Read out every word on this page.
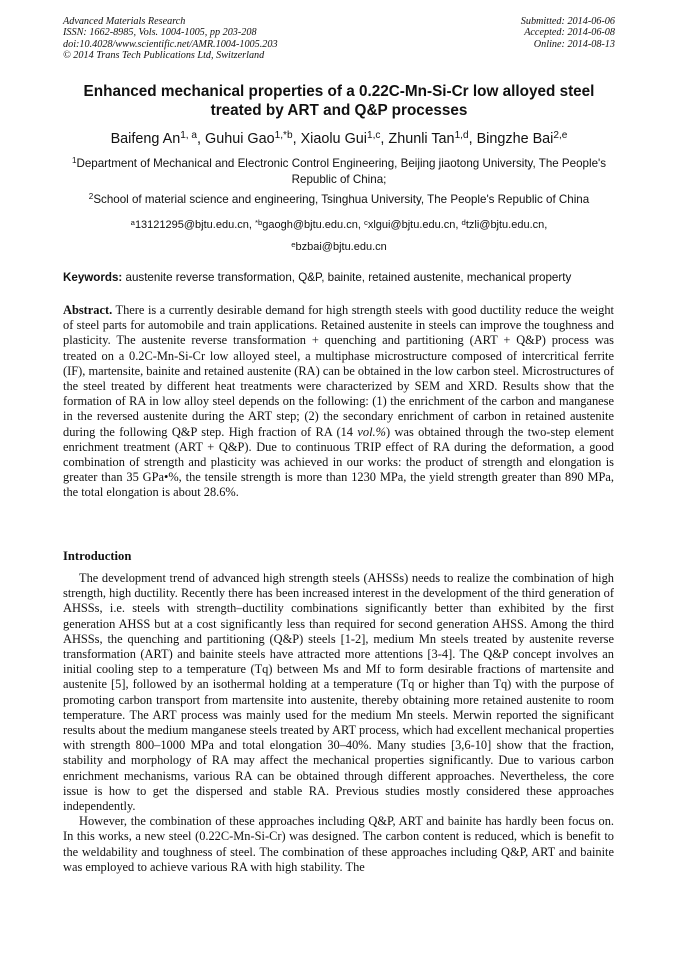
Advanced Materials Research
ISSN: 1662-8985, Vols. 1004-1005, pp 203-208
doi:10.4028/www.scientific.net/AMR.1004-1005.203
© 2014 Trans Tech Publications Ltd, Switzerland
Submitted: 2014-06-06
Accepted: 2014-06-08
Online: 2014-08-13
Enhanced mechanical properties of a 0.22C-Mn-Si-Cr low alloyed steel
treated by ART and Q&P processes
Baifeng An$^{1, a}$, Guhui Gao$^{1,*b}$, Xiaolu Gui$^{1,c}$, Zhunli Tan$^{1,d}$, Bingzhe Bai$^{2,e}$
$^1$Department of Mechanical and Electronic Control Engineering, Beijing jiaotong University, The People's Republic of China;
$^2$School of material science and engineering, Tsinghua University, The People's Republic of China
$^a$13121295@bjtu.edu.cn, $^{*b}$gaogh@bjtu.edu.cn, $^c$xlgui@bjtu.edu.cn, $^d$tzli@bjtu.edu.cn,
$^e$bzbai@bjtu.edu.cn
Keywords: austenite reverse transformation, Q&P, bainite, retained austenite, mechanical property
Abstract. There is a currently desirable demand for high strength steels with good ductility reduce the weight of steel parts for automobile and train applications. Retained austenite in steels can improve the toughness and plasticity. The austenite reverse transformation + quenching and partitioning (ART + Q&P) process was treated on a 0.2C-Mn-Si-Cr low alloyed steel, a multiphase microstructure composed of intercritical ferrite (IF), martensite, bainite and retained austenite (RA) can be obtained in the low carbon steel. Microstructures of the steel treated by different heat treatments were characterized by SEM and XRD. Results show that the formation of RA in low alloy steel depends on the following: (1) the enrichment of the carbon and manganese in the reversed austenite during the ART step; (2) the secondary enrichment of carbon in retained austenite during the following Q&P step. High fraction of RA (14 vol.%) was obtained through the two-step element enrichment treatment (ART + Q&P). Due to continuous TRIP effect of RA during the deformation, a good combination of strength and plasticity was achieved in our works: the product of strength and elongation is greater than 35 GPa•%, the tensile strength is more than 1230 MPa, the yield strength greater than 890 MPa, the total elongation is about 28.6%.
Introduction

The development trend of advanced high strength steels (AHSSs) needs to realize the combination of high strength, high ductility. Recently there has been increased interest in the development of the third generation of AHSSs, i.e. steels with strength–ductility combinations significantly better than exhibited by the first generation AHSS but at a cost significantly less than required for second generation AHSS. Among the third AHSSs, the quenching and partitioning (Q&P) steels [1-2], medium Mn steels treated by austenite reverse transformation (ART) and bainite steels have attracted more attentions [3-4]. The Q&P concept involves an initial cooling step to a temperature (Tq) between Ms and Mf to form desirable fractions of martensite and austenite [5], followed by an isothermal holding at a temperature (Tq or higher than Tq) with the purpose of promoting carbon transport from martensite into austenite, thereby obtaining more retained austenite to room temperature. The ART process was mainly used for the medium Mn steels. Merwin reported the significant results about the medium manganese steels treated by ART process, which had excellent mechanical properties with strength 800–1000 MPa and total elongation 30–40%. Many studies [3,6-10] show that the fraction, stability and morphology of RA may affect the mechanical properties significantly. Due to various carbon enrichment mechanisms, various RA can be obtained through different approaches. Nevertheless, the core issue is how to get the dispersed and stable RA. Previous studies mostly considered these approaches independently.

However, the combination of these approaches including Q&P, ART and bainite has hardly been focus on. In this works, a new steel (0.22C-Mn-Si-Cr) was designed. The carbon content is reduced, which is benefit to the weldability and toughness of steel. The combination of these approaches including Q&P, ART and bainite was employed to achieve various RA with high stability. The
